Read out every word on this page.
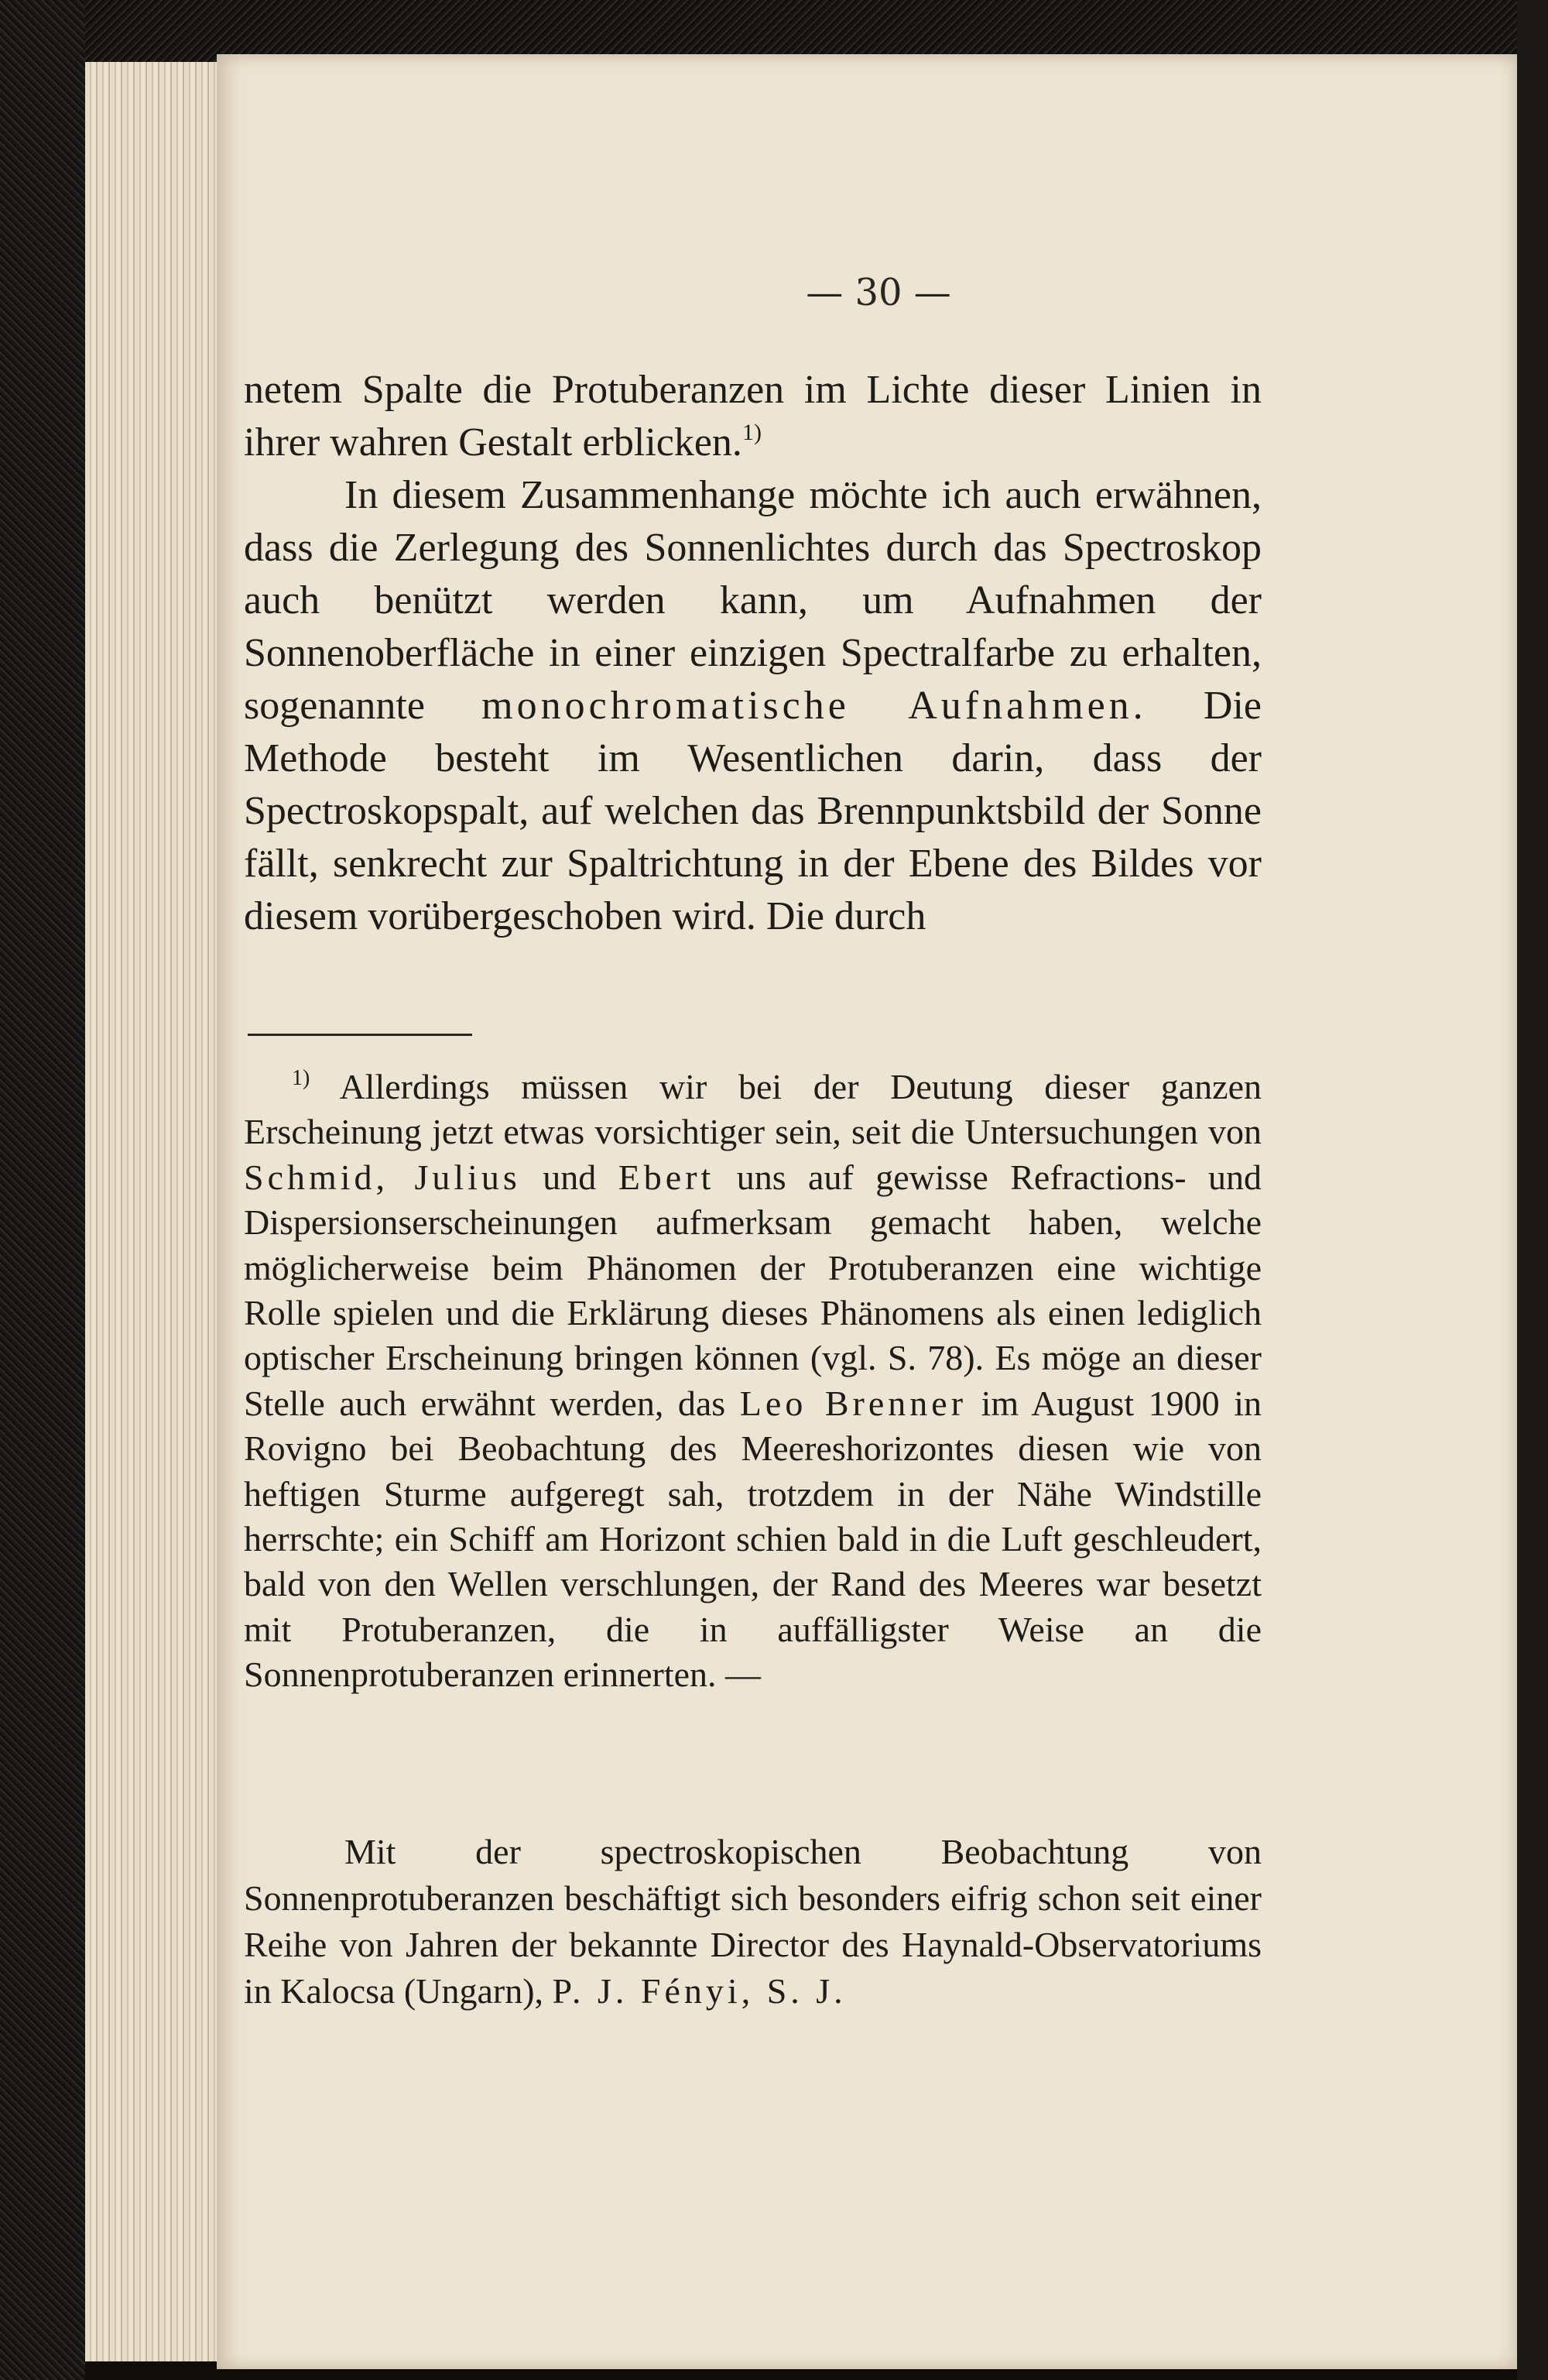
— 30 —

netem Spalte die Protuberanzen im Lichte dieser Linien in ihrer wahren Gestalt erblicken.$^{1)}$

In diesem Zusammenhange möchte ich auch erwähnen, dass die Zerlegung des Sonnenlichtes durch das Spectroskop auch benützt werden kann, um Aufnahmen der Sonnenoberfläche in einer einzigen Spectralfarbe zu erhalten, sogenannte monochromatische Aufnahmen. Die Methode besteht im Wesentlichen darin, dass der Spectroskopspalt, auf welchen das Brennpunktsbild der Sonne fällt, senkrecht zur Spaltrichtung in der Ebene des Bildes vor diesem vorübergeschoben wird. Die durch

$^{1)}$ Allerdings müssen wir bei der Deutung dieser ganzen Erscheinung jetzt etwas vorsichtiger sein, seit die Untersuchungen von Schmid, Julius und Ebert uns auf gewisse Refractions- und Dispersionserscheinungen aufmerksam gemacht haben, welche möglicherweise beim Phänomen der Protuberanzen eine wichtige Rolle spielen und die Erklärung dieses Phänomens als einen lediglich optischer Erscheinung bringen können (vgl. S. 78). Es möge an dieser Stelle auch erwähnt werden, das Leo Brenner im August 1900 in Rovigno bei Beobachtung des Meereshorizontes diesen wie von heftigen Sturme aufgeregt sah, trotzdem in der Nähe Windstille herrschte; ein Schiff am Horizont schien bald in die Luft geschleudert, bald von den Wellen verschlungen, der Rand des Meeres war besetzt mit Protuberanzen, die in auffälligster Weise an die Sonnenprotuberanzen erinnerten. —

Mit der spectroskopischen Beobachtung von Sonnenprotuberanzen beschäftigt sich besonders eifrig schon seit einer Reihe von Jahren der bekannte Director des Haynald-Observatoriums in Kalocsa (Ungarn), P. J. Fényi, S. J.
